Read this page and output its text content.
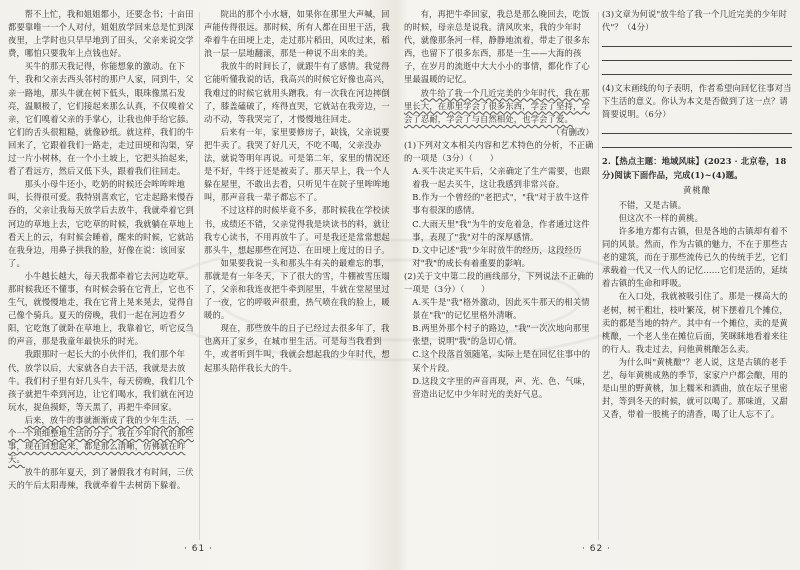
帮不上忙，我和姐姐都小，还要念书；十亩田都要靠唯一一个人对付，姐姐放学回来总是忙到深夜里，上学时也只早早地到了田头，父亲来说交学费，哪怕只要我年上点钱也好。

买牛的那天我记得，你能想象的激动。在下午，我和父亲去西头邻村的那户人家，同到牛，父亲一路地，那头牛就在树下低头，眼珠像黑石发亮，温顺极了，它们接起来那么认真，不仅嗅着父亲，它们嗅着父亲的手掌心，让我也伸手给它舔。它们的舌头很粗糙，就像砂纸。就这样，我们的牛回来了，它跟着我们一路走，走过田埂和沟渠，穿过一片小树林，在一个小土坡上，它把头抬起来，看了看远方，然后又低下头，跟着我们往回走。

那头小母牛还小，吃奶的时候还会哞哞哞地叫，长得很可爱。我特别喜欢它，它走起路来慢吞吞的，父亲让我每天放学后去放牛，我就牵着它到河边的草地上去，它吃草的时候，我就躺在草地上看天上的云，有时候会睡着，醒来的时候，它就站在我身边，用鼻子拱我的脸，好像在说：该回家了。

小牛越长越大，每天我都牵着它去河边吃草。那时候我还不懂事，有时候会骑在它背上，它也不生气，就慢慢地走，我在它背上晃来晃去，觉得自己像个骑兵。夏天的傍晚，我们一起在河边看夕阳，它吃饱了就卧在草地上，我靠着它，听它反刍的声音，那是我童年最快乐的时光。

我跟那时一起长大的小伙伴们，我们那个年代，放学以后，大家就各自去干活，我就是去放牛。我们村子里有好几头牛，每天傍晚，我们几个孩子就把牛牵到河边，让它们喝水，我们就在河边玩水，捉鱼摸虾，等天黑了，再把牛牵回家。

后来，放牛的事就渐渐成了我的少年生活，一个一个琐细整地生活的分子。我在少年时代的那些事，现在回想起来，都是那么清晰，仿佛就在昨天。

放牛的那年夏天，到了暑假我才有时间，三伏天的午后太阳毒辣，我就牵着牛去树荫下躲着。

院出的那个小水塘，如果你在那里大声喊，回声能传得很远。那时候，所有人都在田里干活，我牵着牛在田埂上走，走过那片稻田，风吹过来，稻浪一层一层地翻滚，那是一种说不出来的美。

我放牛的时间长了，就跟牛有了感情。我觉得它能听懂我说的话，我高兴的时候它好像也高兴，我难过的时候它就用头蹭我。有一次我在河边摔倒了，膝盖磕破了，疼得直哭，它就站在我旁边，一动不动，等我哭完了，才慢慢地往回走。

后来有一年，家里要修房子，缺钱，父亲说要把牛卖了。我哭了好几天，不吃不喝，父亲没办法，就说等明年再说。可是第二年，家里的情况还是不好，牛终于还是被卖了。那天早上，我一个人躲在屋里，不敢出去看，只听见牛在院子里哞哞地叫，那声音我一辈子都忘不了。

不过这样的时候毕竟不多，那时候我在学校读书，成绩还不错，父亲觉得我是块读书的料，就让我专心读书，不用再放牛了。可是我还是常常想起那头牛，想起那些在河边、在田埂上度过的日子。

如果要我说一头和那头牛有关的最难忘的事，那就是有一年冬天，下了很大的雪，牛棚被雪压塌了，父亲和我连夜把牛牵到屋里，牛就在堂屋里过了一夜，它的呼吸声很重，热气喷在我的脸上，暖暖的。

现在，那些放牛的日子已经过去很多年了，我也离开了家乡，在城市里生活。可是每当我看到牛，或者听到牛叫，我就会想起我的少年时代，想起那头陪伴我长大的牛。

· 61 ·

有，再把牛牵回家，我总是那么晚回去，吃饭的时候，母亲总是说我。清风吹来，我的少年时代，就像那条河一样，静静地流着，带走了很多东西，也留下了很多东西，那是一生——大海的孩子，在岁月的流逝中大大小小的事情，都化作了心里最温暖的记忆。

放牛给了我一个几近完美的少年时代，我在那里长大，在那里学会了很多东西，学会了坚持，学会了忍耐，学会了与自然相处，也学会了爱。

（有删改）

(1)下列对文本相关内容和艺术特色的分析，不正确的一项是（3分）（　　）

A.买牛决定买牛后，父亲确定了生产需要，也跟着我一起去买牛，这让我感到非常兴奋。

B.作为一个曾经的"老把式"，"我"对于放牛这件事有很深的感情。

C.大雨天里"我"为牛的安危着急，作者通过这件事，表现了"我"对牛的深厚感情。

D.文中记述"我"少年时放牛的经历，这段经历对"我"的成长有着重要的影响。

(2)关于文中第二段的画线部分，下列说法不正确的一项是（3分）（　　）

A.买牛是"我"格外激动，因此买牛那天的相关情景在"我"的记忆里格外清晰。

B.两里外那个村子的路边，"我"一次次地向那里张望，说明"我"的急切心情。

C.这个段落首领随笔，实际上是在回忆往事中的某个片段。

D.这段文字里的声音再现，声、光、色、气味，营造出记忆中少年时光的美好气息。

(3)文章为何说"放牛给了我一个几近完美的少年时代"？（4分）

(4)文末画线的句子表明，作者希望向回忆往事对当下生活的意义。你认为本文是否做到了这一点？请简要说明。（6分）

2.【热点主题：地域风味】(2023 · 北京卷，18分)阅读下面作品，完成(1)~(4)题。

黄桃酿

不错，又是古镇。

但这次不一样的黄桃。

许多地方都有古镇，但是各地的古镇却有着不同的风景。然而，作为古镇的魅力，不在于那些古老的建筑，而在于那些流传已久的传统手艺，它们承载着一代又一代人的记忆……它们是活的，延续着古镇的生命和呼吸。

在入口处，我就被吸引住了。那是一棵高大的老树，树干粗壮，枝叶繁茂，树下摆着几个摊位，卖的都是当地的特产。其中有一个摊位，卖的是黄桃酿，一个老人坐在摊位后面，笑眯眯地看着来往的行人。我走过去，问他黄桃酿怎么卖。

为什么叫"黄桃酿"？老人说，这是古镇的老手艺，每年黄桃成熟的季节，家家户户都会酿，用的是山里的野黄桃，加上糯米和酒曲，放在坛子里密封，等到冬天的时候，就可以喝了。那味道，又甜又香，带着一股桃子的清香，喝了让人忘不了。

· 62 ·
